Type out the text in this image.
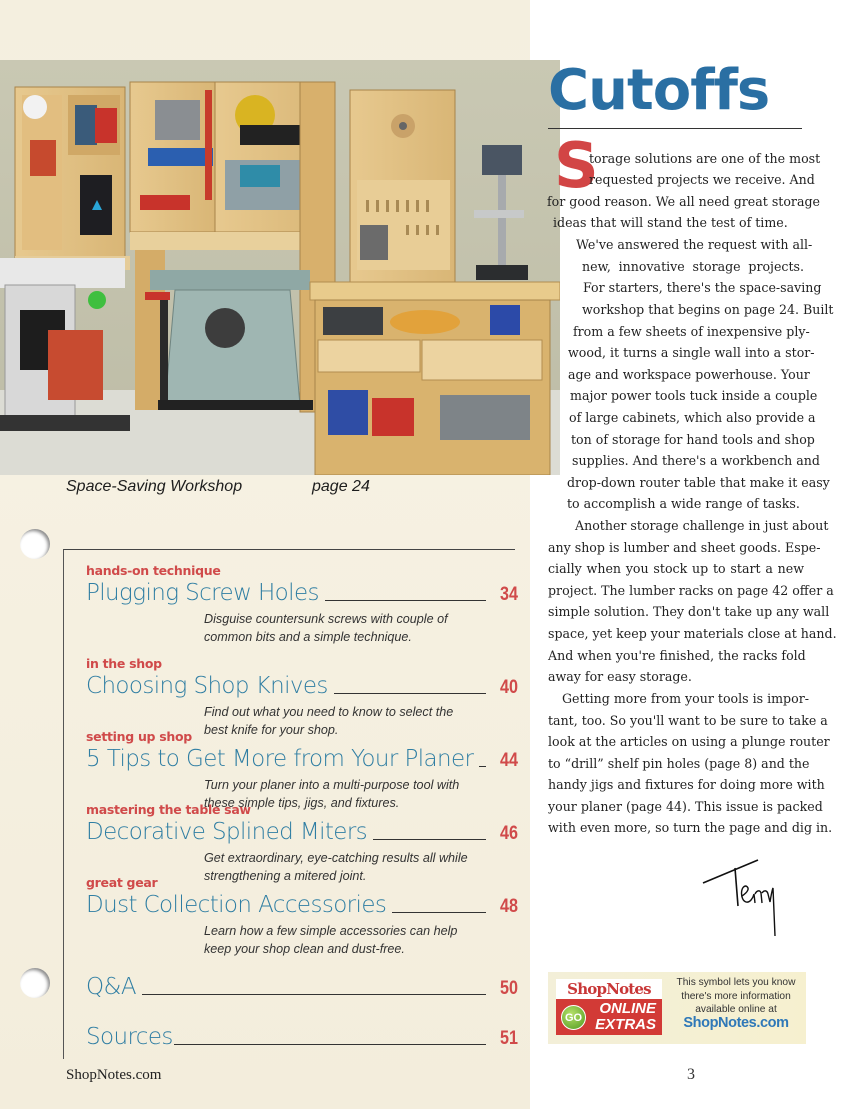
Space-Saving Workshop	page 24
hands-on technique
Plugging Screw Holes	34
Disguise countersunk screws with couple of
common bits and a simple technique.
in the shop
Choosing Shop Knives	40
Find out what you need to know to select the
best knife for your shop.
setting up shop
5 Tips to Get More from Your Planer 44
Turn your planer into a multi-purpose tool with
these simple tips, jigs, and fixtures.
mastering the table saw
Decorative Splined Miters	46
Get extraordinary, eye-catching results all while
strengthening a mitered joint.
great gear
Dust Collection Accessories	48
Learn how a few simple accessories can help
keep your shop clean and dust-free.
Q&A	50
Sources	51
ShopNotes.com	3
Cutoffs
S
torage solutions are one of the most
requested projects we receive. And
for good reason. We all need great storage
ideas that will stand the test of time.
We've answered the request with all-
new, innovative storage projects.
For starters, there's the space-saving
workshop that begins on page 24. Built
from a few sheets of inexpensive ply-
wood, it turns a single wall into a stor-
age and workspace powerhouse. Your
major power tools tuck inside a couple
of large cabinets, which also provide a
ton of storage for hand tools and shop
supplies. And there's a workbench and
drop-down router table that make it easy
to accomplish a wide range of tasks.
Another storage challenge in just about
any shop is lumber and sheet goods. Espe-
cially when you stock up to start a new
project. The lumber racks on page 42 offer a
simple solution. They don't take up any wall
space, yet keep your materials close at hand.
And when you're finished, the racks fold
away for easy storage.
Getting more from your tools is impor-
tant, too. So you'll want to be sure to take a
look at the articles on using a plunge router
to “drill” shelf pin holes (page 8) and the
handy jigs and fixtures for doing more with
your planer (page 44). This issue is packed
with even more, so turn the page and dig in.
ShopNotes
GO
ONLINE
EXTRAS
This symbol lets you know
there's more information
available online at
ShopNotes.com
